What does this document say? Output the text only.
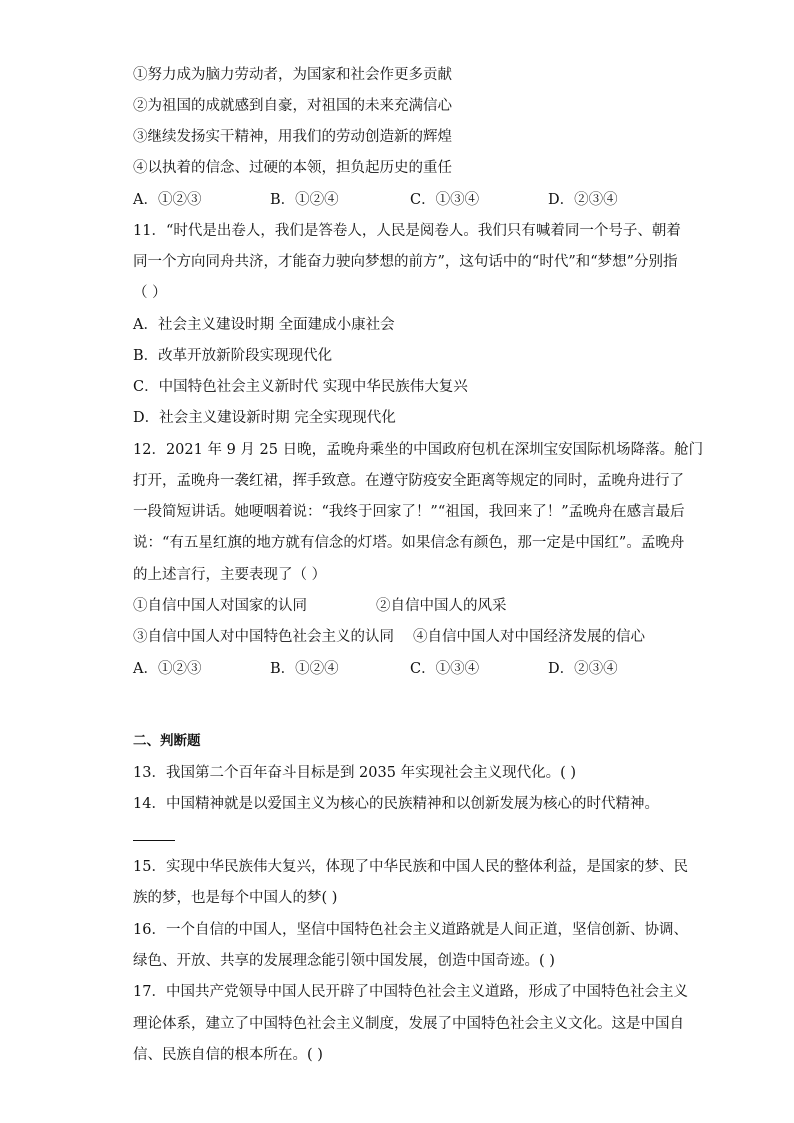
①努力成为脑力劳动者，为国家和社会作更多贡献
②为祖国的成就感到自豪，对祖国的未来充满信心
③继续发扬实干精神，用我们的劳动创造新的辉煌
④以执着的信念、过硬的本领，担负起历史的重任
A．①②③	B．①②④	C．①③④	D．②③④
11．“时代是出卷人，我们是答卷人，人民是阅卷人。我们只有喊着同一个号子、朝着
同一个方向同舟共济，才能奋力驶向梦想的前方”，这句话中的“时代”和“梦想”分别指
（ ）
A．社会主义建设时期 全面建成小康社会
B．改革开放新阶段实现现代化
C．中国特色社会主义新时代 实现中华民族伟大复兴
D．社会主义建设新时期 完全实现现代化
12．2021 年 9 月 25 日晚，孟晚舟乘坐的中国政府包机在深圳宝安国际机场降落。舱门
打开，孟晚舟一袭红裙，挥手致意。在遵守防疫安全距离等规定的同时，孟晚舟进行了
一段简短讲话。她哽咽着说：“我终于回家了！”“祖国，我回来了！”孟晚舟在感言最后
说：“有五星红旗的地方就有信念的灯塔。如果信念有颜色，那一定是中国红”。孟晚舟
的上述言行，主要表现了（ ）
①自信中国人对国家的认同	②自信中国人的风采
③自信中国人对中国特色社会主义的认同 ④自信中国人对中国经济发展的信心
A．①②③	B．①②④	C．①③④	D．②③④
二、判断题
13．我国第二个百年奋斗目标是到 2035 年实现社会主义现代化。( )
14．中国精神就是以爱国主义为核心的民族精神和以创新发展为核心的时代精神。
15．实现中华民族伟大复兴，体现了中华民族和中国人民的整体利益，是国家的梦、民
族的梦，也是每个中国人的梦( )
16．一个自信的中国人，坚信中国特色社会主义道路就是人间正道，坚信创新、协调、
绿色、开放、共享的发展理念能引领中国发展，创造中国奇迹。( )
17．中国共产党领导中国人民开辟了中国特色社会主义道路，形成了中国特色社会主义
理论体系，建立了中国特色社会主义制度，发展了中国特色社会主义文化。这是中国自
信、民族自信的根本所在。( )
